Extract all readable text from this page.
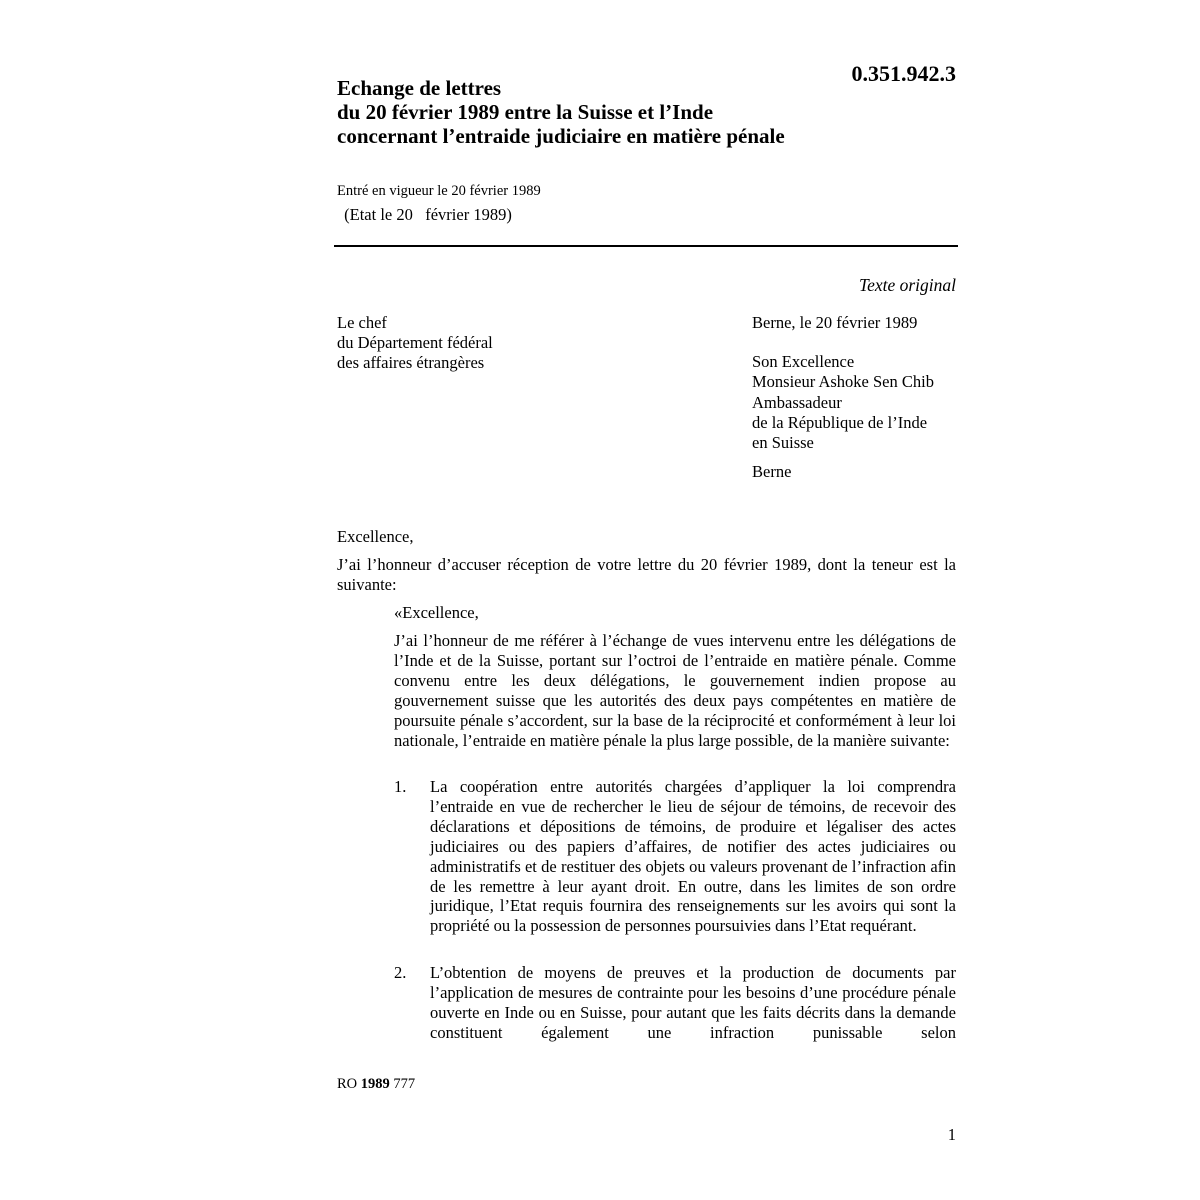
0.351.942.3
Echange de lettres
du 20 février 1989 entre la Suisse et l’Inde
concernant l’entraide judiciaire en matière pénale
Entré en vigueur le 20 février 1989
(Etat le 20   février 1989)
Texte original
Le chef
du Département fédéral
des affaires étrangères
Berne, le 20 février 1989
Son Excellence
Monsieur Ashoke Sen Chib
Ambassadeur
de la République de l’Inde
en Suisse
Berne
Excellence,
J’ai l’honneur d’accuser réception de votre lettre du 20 février 1989, dont la teneur est la suivante:
«Excellence,
J’ai l’honneur de me référer à l’échange de vues intervenu entre les délégations de l’Inde et de la Suisse, portant sur l’octroi de l’entraide en matière pénale. Comme convenu entre les deux délégations, le gouvernement indien propose au gouvernement suisse que les autorités des deux pays compétentes en matière de poursuite pénale s’accordent, sur la base de la réciprocité et conformément à leur loi nationale, l’entraide en matière pénale la plus large possible, de la manière suivante:
1.	La coopération entre autorités chargées d’appliquer la loi comprendra l’entraide en vue de rechercher le lieu de séjour de témoins, de recevoir des déclarations et dépositions de témoins, de produire et légaliser des actes judiciaires ou des papiers d’affaires, de notifier des actes judiciaires ou administratifs et de restituer des objets ou valeurs provenant de l’infraction afin de les remettre à leur ayant droit. En outre, dans les limites de son ordre juridique, l’Etat requis fournira des renseignements sur les avoirs qui sont la propriété ou la possession de personnes poursuivies dans l’Etat requérant.
2.	L’obtention de moyens de preuves et la production de documents par l’application de mesures de contrainte pour les besoins d’une procédure pénale ouverte en Inde ou en Suisse, pour autant que les faits décrits dans la demande constituent également une infraction punissable selon
RO 1989 777
1
